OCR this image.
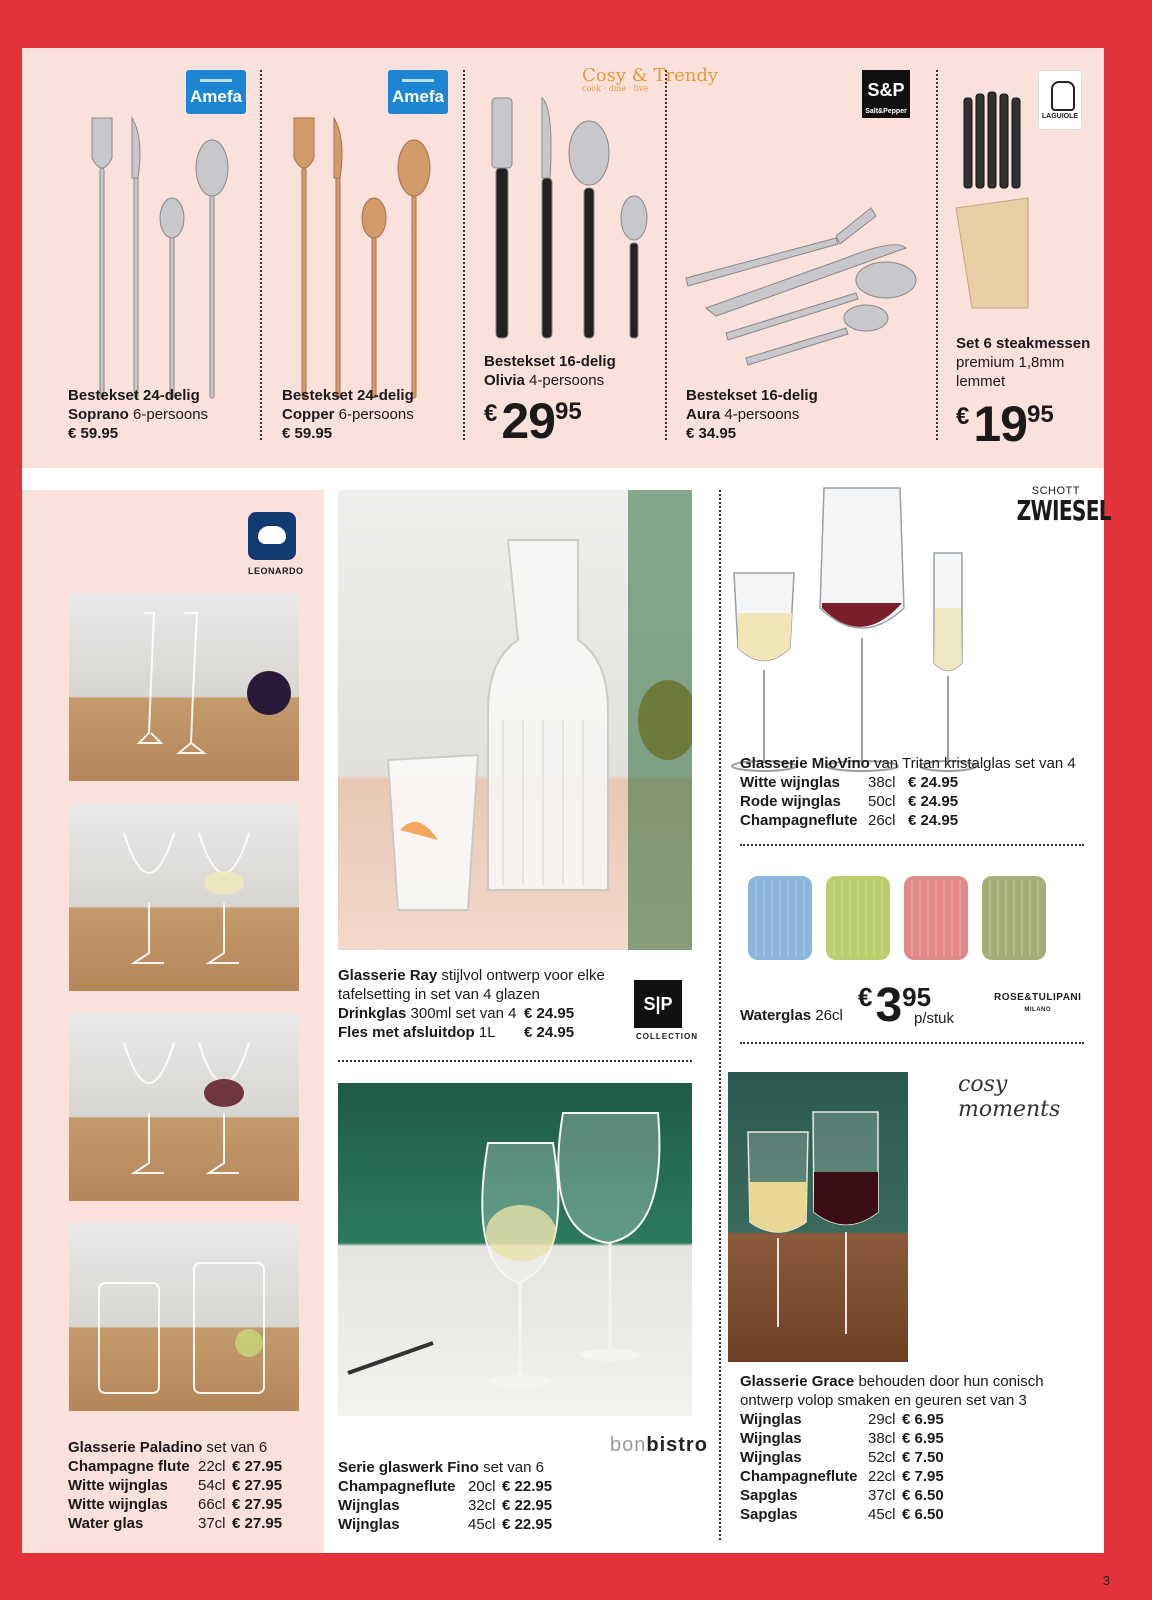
Amefa
Bestekset 24-delig
Soprano 6-persoons
€ 59.95
Amefa
Bestekset 24-delig
Copper 6-persoons
€ 59.95
Cosy & Trendy
cook · dine · live
Bestekset 16-delig
Olivia 4-persoons
€ 29 95
S&P
Salt&Pepper
Bestekset 16-delig
Aura 4-persoons
€ 34.95
LAGUIOLE
Set 6 steakmessen
premium 1,8mm
lemmet
€ 19 95
LEONARDO
Glasserie Paladino set van 6
Champagne flute	22cl	€ 27.95
Witte wijnglas	54cl	€ 27.95
Witte wijnglas	66cl	€ 27.95
Water glas	37cl	€ 27.95
Glasserie Ray stijlvol ontwerp voor elke
tafelsetting in set van 4 glazen
Drinkglas 300ml set van 4	€ 24.95
Fles met afsluitdop 1L	€ 24.95
S|P
COLLECTION
bonbistro
Serie glaswerk Fino set van 6
Champagneflute	20cl	€ 22.95
Wijnglas	32cl	€ 22.95
Wijnglas	45cl	€ 22.95
SCHOTT
ZWIESEL
Glasserie MioVino van Tritan kristalglas set van 4
Witte wijnglas	38cl	€ 24.95
Rode wijnglas	50cl	€ 24.95
Champagneflute	26cl	€ 24.95
Waterglas 26cl
€ 3 95
p/stuk
ROSE&TULIPANI
MILANO
cosy moments
Glasserie Grace behouden door hun conisch
ontwerp volop smaken en geuren set van 3
Wijnglas	29cl	€ 6.95
Wijnglas	38cl	€ 6.95
Wijnglas	52cl	€ 7.50
Champagneflute	22cl	€ 7.95
Sapglas	37cl	€ 6.50
Sapglas	45cl	€ 6.50
3
